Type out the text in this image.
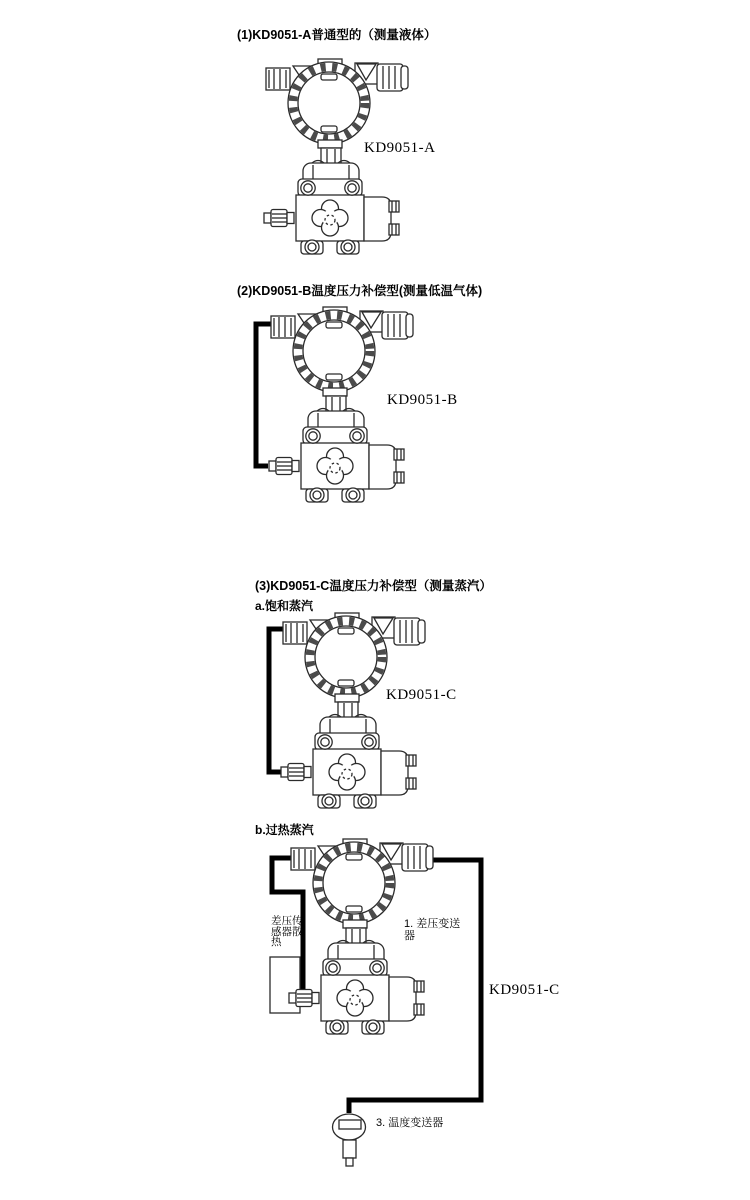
(1)KD9051-A普通型的（测量液体）
KD9051-A
(2)KD9051-B温度压力补偿型(测量低温气体)
KD9051-B
(3)KD9051-C温度压力补偿型（测量蒸汽）
a.饱和蒸汽
KD9051-C
b.过热蒸汽
差压传感器散热
1. 差压变送器
KD9051-C
3. 温度变送器
